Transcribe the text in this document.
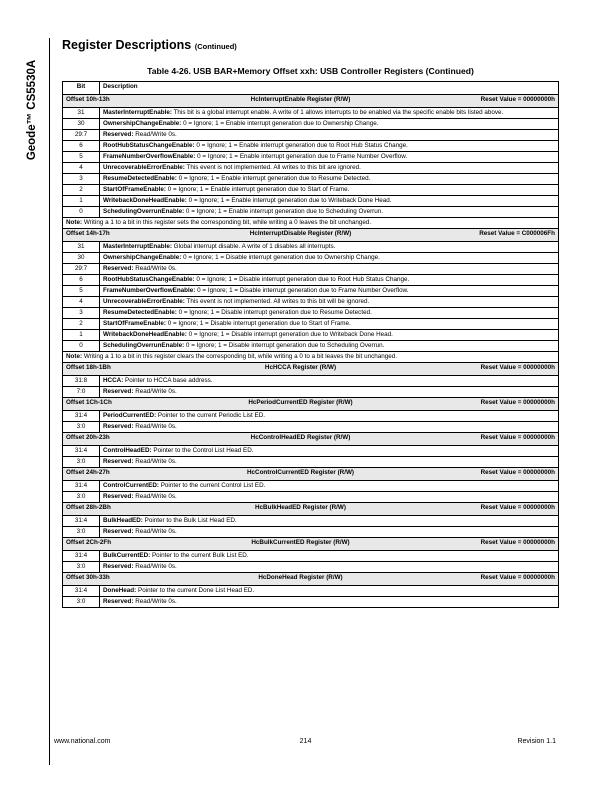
Geode™ CS5530A
Register Descriptions (Continued)
Table 4-26. USB BAR+Memory Offset xxh: USB Controller Registers (Continued)
Bit	Description

Offset 10h-13h HcInterruptEnable Register (R/W) Reset Value = 00000000h	

31	MasterInterruptEnable: This bit is a global interrupt enable. A write of 1 allows interrupts to be enabled via the specific enable bits listed above.
30	OwnershipChangeEnable: 0 = Ignore; 1 = Enable interrupt generation due to Ownership Change.
29:7	Reserved: Read/Write 0s.
6	RootHubStatusChangeEnable: 0 = Ignore; 1 = Enable interrupt generation due to Root Hub Status Change.
5	FrameNumberOverflowEnable: 0 = Ignore; 1 = Enable interrupt generation due to Frame Number Overflow.
4	UnrecoverableErrorEnable: This event is not implemented. All writes to this bit are ignored.
3	ResumeDetectedEnable: 0 = Ignore; 1 = Enable interrupt generation due to Resume Detected.
2	StartOfFrameEnable: 0 = Ignore; 1 = Enable interrupt generation due to Start of Frame.
1	WritebackDoneHeadEnable: 0 = Ignore; 1 = Enable interrupt generation due to Writeback Done Head.
0	SchedulingOverrunEnable: 0 = Ignore; 1 = Enable interrupt generation due to Scheduling Overrun.
Note: Writing a 1 to a bit in this register sets the corresponding bit, while writing a 0 leaves the bit unchanged.	

Offset 14h-17h HcInterruptDisable Register (R/W) Reset Value = C000006Fh	

31	MasterInterruptEnable: Global interrupt disable. A write of 1 disables all interrupts.
30	OwnershipChangeEnable: 0 = Ignore; 1 = Disable interrupt generation due to Ownership Change.
29:7	Reserved: Read/Write 0s.
6	RootHubStatusChangeEnable: 0 = Ignore; 1 = Disable interrupt generation due to Root Hub Status Change.
5	FrameNumberOverflowEnable: 0 = Ignore; 1 = Disable interrupt generation due to Frame Number Overflow.
4	UnrecoverableErrorEnable: This event is not implemented. All writes to this bit will be ignored.
3	ResumeDetectedEnable: 0 = Ignore; 1 = Disable interrupt generation due to Resume Detected.
2	StartOfFrameEnable: 0 = Ignore; 1 = Disable interrupt generation due to Start of Frame.
1	WritebackDoneHeadEnable: 0 = Ignore; 1 = Disable interrupt generation due to Writeback Done Head.
0	SchedulingOverrunEnable: 0 = Ignore; 1 = Disable interrupt generation due to Scheduling Overrun.
Note: Writing a 1 to a bit in this register clears the corresponding bit, while writing a 0 to a bit leaves the bit unchanged.	

Offset 18h-1Bh HcHCCA Register (R/W) Reset Value = 00000000h	

31:8	HCCA: Pointer to HCCA base address.
7:0	Reserved: Read/Write 0s.

Offset 1Ch-1Ch HcPeriodCurrentED Register (R/W) Reset Value = 00000000h	

31:4	PeriodCurrentED: Pointer to the current Periodic List ED.
3:0	Reserved: Read/Write 0s.

Offset 20h-23h HcControlHeadED Register (R/W) Reset Value = 00000000h	

31:4	ControlHeadED: Pointer to the Control List Head ED.
3:0	Reserved: Read/Write 0s.

Offset 24h-27h HcControlCurrentED Register (R/W) Reset Value = 00000000h	

31:4	ControlCurrentED: Pointer to the current Control List ED.
3:0	Reserved: Read/Write 0s.

Offset 28h-2Bh HcBulkHeadED Register (R/W) Reset Value = 00000000h	

31:4	BulkHeadED: Pointer to the Bulk List Head ED.
3:0	Reserved: Read/Write 0s.

Offset 2Ch-2Fh HcBulkCurrentED Register (R/W) Reset Value = 00000000h	

31:4	BulkCurrentED: Pointer to the current Bulk List ED.
3:0	Reserved: Read/Write 0s.

Offset 30h-33h HcDoneHead Register (R/W) Reset Value = 00000000h	

31:4	DoneHead: Pointer to the current Done List Head ED.
3:0	Reserved: Read/Write 0s.
www.national.com	214	Revision 1.1
